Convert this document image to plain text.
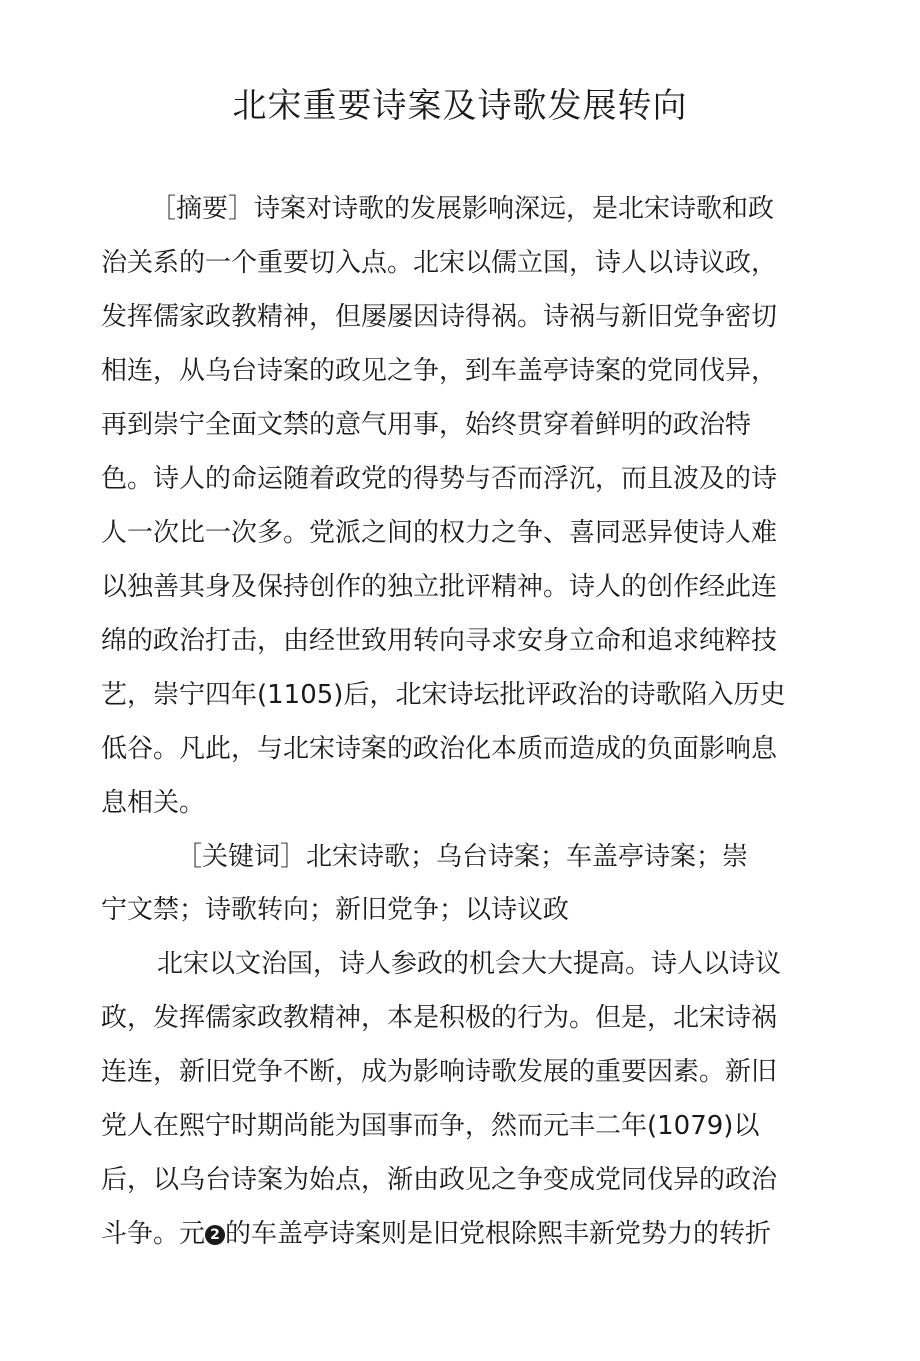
北宋重要诗案及诗歌发展转向
［摘要］诗案对诗歌的发展影响深远，是北宋诗歌和政
治关系的一个重要切入点。北宋以儒立国，诗人以诗议政，
发挥儒家政教精神，但屡屡因诗得祸。诗祸与新旧党争密切
相连，从乌台诗案的政见之争，到车盖亭诗案的党同伐异，
再到崇宁全面文禁的意气用事，始终贯穿着鲜明的政治特
色。诗人的命运随着政党的得势与否而浮沉，而且波及的诗
人一次比一次多。党派之间的权力之争、喜同恶异使诗人难
以独善其身及保持创作的独立批评精神。诗人的创作经此连
绵的政治打击，由经世致用转向寻求安身立命和追求纯粹技
艺，崇宁四年(1105)后，北宋诗坛批评政治的诗歌陷入历史
低谷。凡此，与北宋诗案的政治化本质而造成的负面影响息
息相关。
［关键词］北宋诗歌；乌台诗案；车盖亭诗案；崇
宁文禁；诗歌转向；新旧党争；以诗议政
北宋以文治国，诗人参政的机会大大提高。诗人以诗议
政，发挥儒家政教精神，本是积极的行为。但是，北宋诗祸
连连，新旧党争不断，成为影响诗歌发展的重要因素。新旧
党人在熙宁时期尚能为国事而争，然而元丰二年(1079)以
后，以乌台诗案为始点，渐由政见之争变成党同伐异的政治
斗争。元 2 的车盖亭诗案则是旧党根除熙丰新党势力的转折
